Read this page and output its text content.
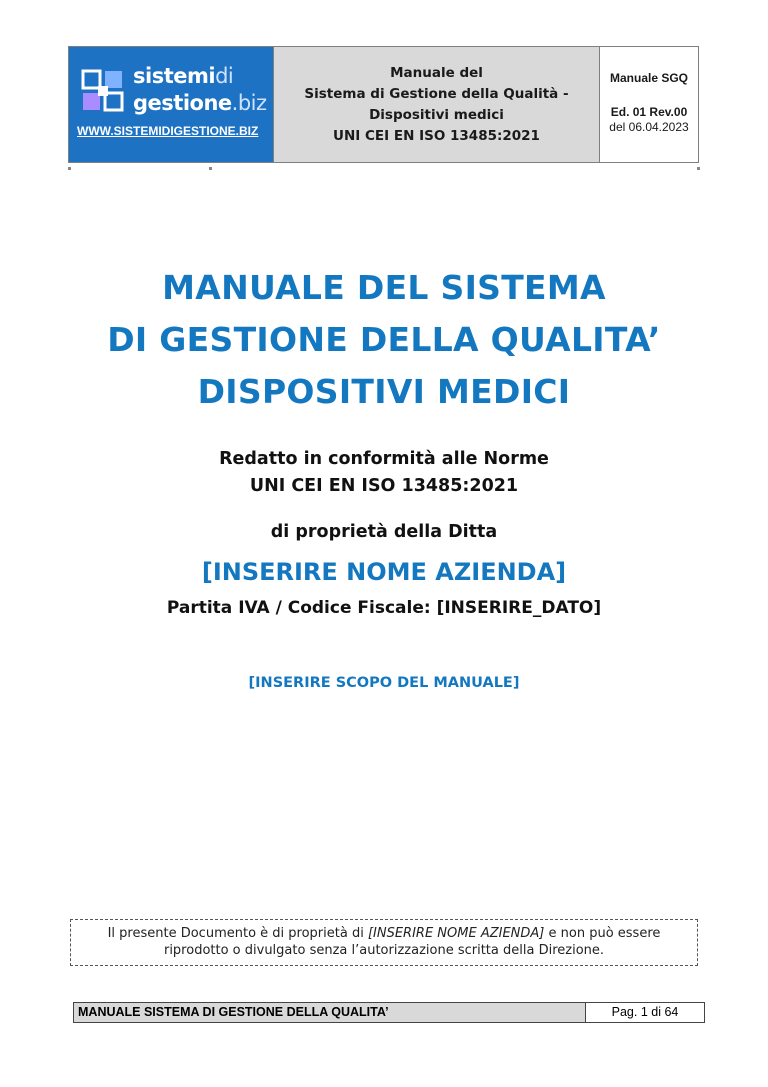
sistemidi
gestione.biz
WWW.SISTEMIDIGESTIONE.BIZ
Manuale del
Sistema di Gestione della Qualità -
Dispositivi medici
UNI CEI EN ISO 13485:2021
Manuale SGQ
Ed. 01 Rev.00
del 06.04.2023
MANUALE DEL SISTEMA
DI GESTIONE DELLA QUALITA’
DISPOSITIVI MEDICI
Redatto in conformità alle Norme
UNI CEI EN ISO 13485:2021
di proprietà della Ditta
[INSERIRE NOME AZIENDA]
Partita IVA / Codice Fiscale: [INSERIRE_DATO]
[INSERIRE SCOPO DEL MANUALE]
Il presente Documento è di proprietà di [INSERIRE NOME AZIENDA] e non può essere
riprodotto o divulgato senza l’autorizzazione scritta della Direzione.
MANUALE SISTEMA DI GESTIONE DELLA QUALITA’	Pag. 1 di 64
